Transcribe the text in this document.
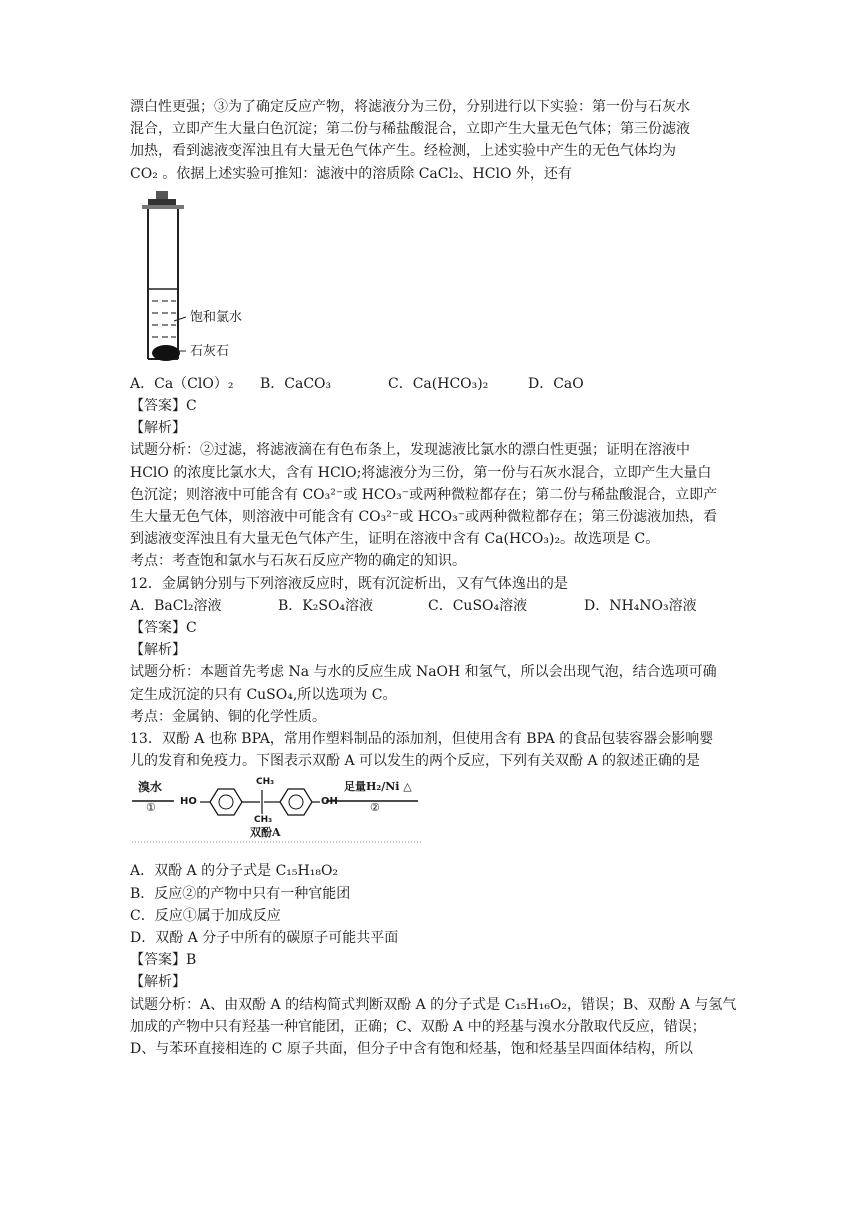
漂白性更强；③为了确定反应产物，将滤液分为三份，分别进行以下实验：第一份与石灰水

混合，立即产生大量白色沉淀；第二份与稀盐酸混合，立即产生大量无色气体；第三份滤液

加热，看到滤液变浑浊且有大量无色气体产生。经检测，上述实验中产生的无色气体均为

CO₂ 。依据上述实验可推知：滤液中的溶质除 CaCl₂、HClO 外，还有

饱和氯水
石灰石
A．Ca（ClO）₂	B．CaCO₃	C．Ca(HCO₃)₂	D．CaO

【答案】C

【解析】

试题分析：②过滤，将滤液滴在有色布条上，发现滤液比氯水的漂白性更强；证明在溶液中

HClO 的浓度比氯水大，含有 HClO;将滤液分为三份，第一份与石灰水混合，立即产生大量白

色沉淀；则溶液中可能含有 CO₃²⁻或 HCO₃⁻或两种微粒都存在；第二份与稀盐酸混合，立即产

生大量无色气体，则溶液中可能含有 CO₃²⁻或 HCO₃⁻或两种微粒都存在；第三份滤液加热，看

到滤液变浑浊且有大量无色气体产生，证明在溶液中含有 Ca(HCO₃)₂。故选项是 C。

考点：考查饱和氯水与石灰石反应产物的确定的知识。

12．金属钠分别与下列溶液反应时，既有沉淀析出，又有气体逸出的是

A．BaCl₂溶液	B．K₂SO₄溶液	C．CuSO₄溶液	D．NH₄NO₃溶液

【答案】C

【解析】

试题分析：本题首先考虑 Na 与水的反应生成 NaOH 和氢气，所以会出现气泡，结合选项可确

定生成沉淀的只有 CuSO₄,所以选项为 C。

考点：金属钠、铜的化学性质。

13．双酚 A 也称 BPA，常用作塑料制品的添加剂，但使用含有 BPA 的食品包装容器会影响婴

儿的发育和免疫力。下图表示双酚 A 可以发生的两个反应，下列有关双酚 A 的叙述正确的是

溴水
① HO
CH₃
CH₃
OH
足量H₂/Ni △
②
双酚A

A．双酚 A 的分子式是 C₁₅H₁₈O₂

B．反应②的产物中只有一种官能团

C．反应①属于加成反应

D．双酚 A 分子中所有的碳原子可能共平面

【答案】B

【解析】

试题分析：A、由双酚 A 的结构简式判断双酚 A 的分子式是 C₁₅H₁₆O₂，错误；B、双酚 A 与氢气

加成的产物中只有羟基一种官能团，正确；C、双酚 A 中的羟基与溴水分散取代反应，错误；

D、与苯环直接相连的 C 原子共面，但分子中含有饱和烃基，饱和烃基呈四面体结构，所以
